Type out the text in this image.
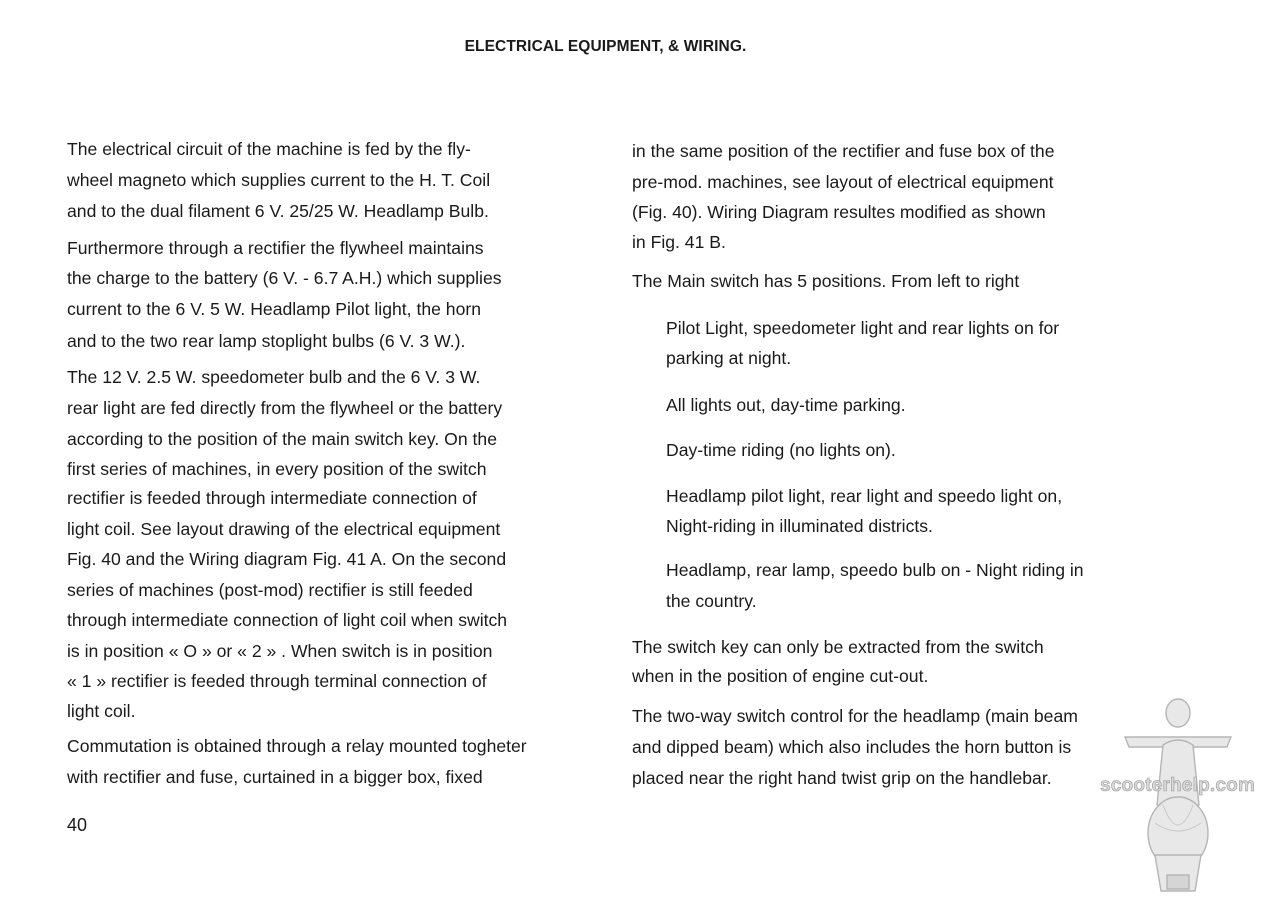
ELECTRICAL EQUIPMENT, & WIRING.
The electrical circuit of the machine is fed by the fly-
wheel magneto which supplies current to the H. T. Coil
and to the dual filament 6 V. 25/25 W. Headlamp Bulb.
Furthermore through a rectifier the flywheel maintains
the charge to the battery (6 V. - 6.7 A.H.) which supplies
current to the 6 V. 5 W. Headlamp Pilot light, the horn
and to the two rear lamp stoplight bulbs (6 V. 3 W.).
The 12 V. 2.5 W. speedometer bulb and the 6 V. 3 W.
rear light are fed directly from the flywheel or the battery
according to the position of the main switch key. On the
first series of machines, in every position of the switch
rectifier is feeded through intermediate connection of
light coil. See layout drawing of the electrical equipment
Fig. 40 and the Wiring diagram Fig. 41 A. On the second
series of machines (post-mod) rectifier is still feeded
through intermediate connection of light coil when switch
is in position « O » or « 2 » . When switch is in position
« 1 » rectifier is feeded through terminal connection of
light coil.
Commutation is obtained through a relay mounted togheter
with rectifier and fuse, curtained in a bigger box, fixed
in the same position of the rectifier and fuse box of the
pre-mod. machines, see layout of electrical equipment
(Fig. 40). Wiring Diagram resultes modified as shown
in Fig. 41 B.
The Main switch has 5 positions. From left to right
Pilot Light, speedometer light and rear lights on for
parking at night.
All lights out, day-time parking.
Day-time riding (no lights on).
Headlamp pilot light, rear light and speedo light on,
Night-riding in illuminated districts.
Headlamp, rear lamp, speedo bulb on - Night riding in
the country.
The switch key can only be extracted from the switch
when in the position of engine cut-out.
The two-way switch control for the headlamp (main beam
and dipped beam) which also includes the horn button is
placed near the right hand twist grip on the handlebar.
40
scooterhelp.com
